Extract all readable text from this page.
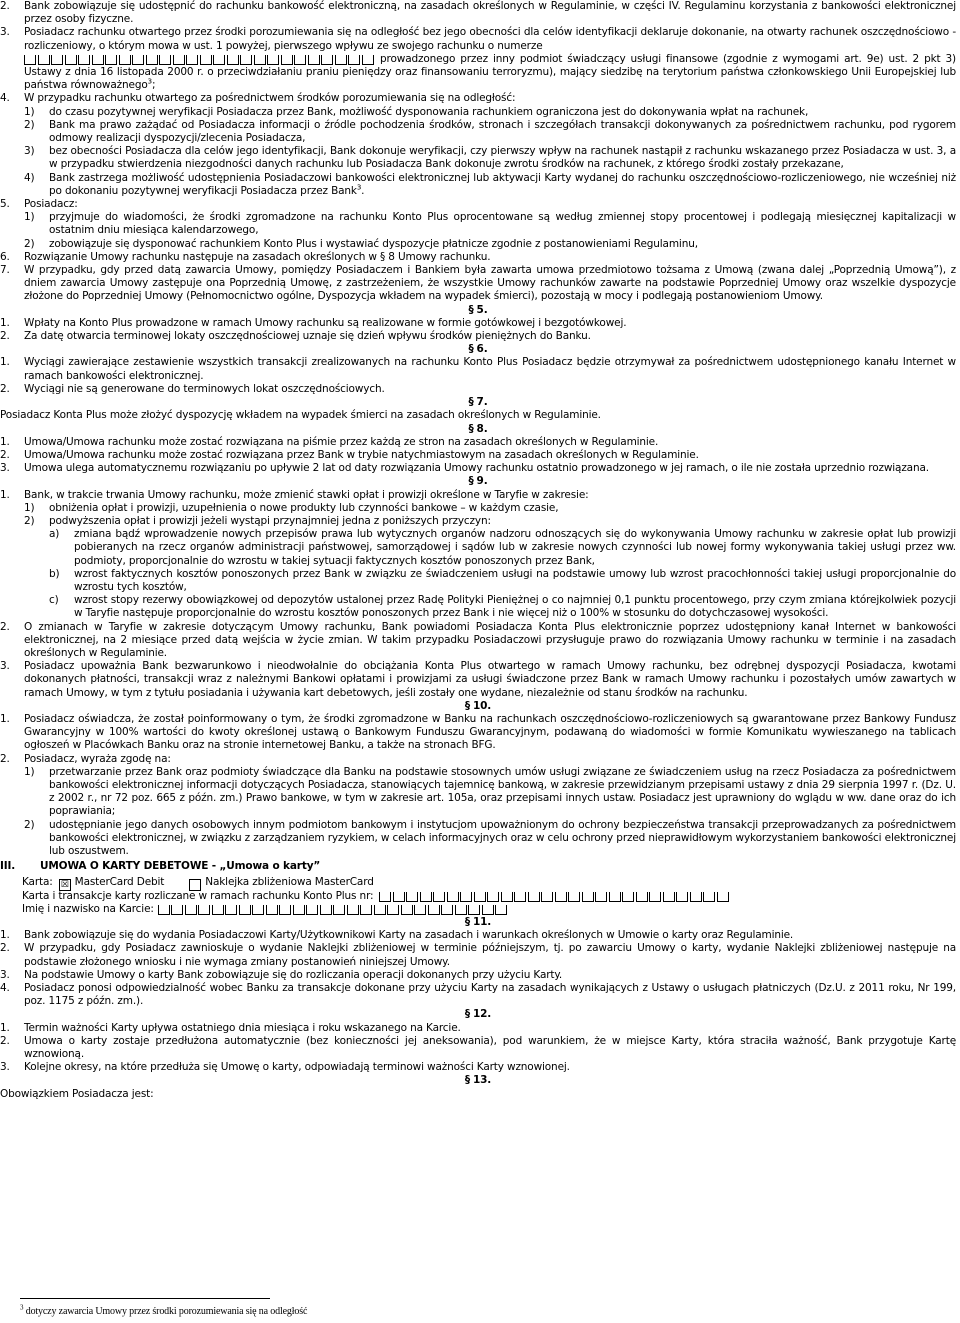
2.	Bank zobowiązuje się udostępnić do rachunku bankowość elektroniczną, na zasadach określonych w Regulaminie, w części IV. Regulaminu korzystania z bankowości elektronicznej przez osoby fizyczne.
3.	Posiadacz rachunku otwartego przez środki porozumiewania się na odległość bez jego obecności dla celów identyfikacji deklaruje dokonanie, na otwarty rachunek oszczędnościowo - rozliczeniowy, o którym mowa w ust. 1 powyżej, pierwszego wpływu ze swojego rachunku o numerze

prowadzonego przez inny podmiot świadczący usługi finansowe (zgodnie z wymogami art. 9e) ust. 2 pkt 3) Ustawy z dnia 16 listopada 2000 r. o przeciwdziałaniu praniu pieniędzy oraz finansowaniu terroryzmu), mający siedzibę na terytorium państwa członkowskiego Unii Europejskiej lub państwa równoważnego$^3$;
4.	W przypadku rachunku otwartego za pośrednictwem środków porozumiewania się na odległość:
1)	do czasu pozytywnej weryfikacji Posiadacza przez Bank, możliwość dysponowania rachunkiem ograniczona jest do dokonywania wpłat na rachunek,
2)	Bank ma prawo zażądać od Posiadacza informacji o źródle pochodzenia środków, stronach i szczegółach transakcji dokonywanych za pośrednictwem rachunku, pod rygorem odmowy realizacji dyspozycji/zlecenia Posiadacza,
3)	bez obecności Posiadacza dla celów jego identyfikacji, Bank dokonuje weryfikacji, czy pierwszy wpływ na rachunek nastąpił z rachunku wskazanego przez Posiadacza w ust. 3, a w przypadku stwierdzenia niezgodności danych rachunku lub Posiadacza Bank dokonuje zwrotu środków na rachunek, z którego środki zostały przekazane,
4)	Bank zastrzega możliwość udostępnienia Posiadaczowi bankowości elektronicznej lub aktywacji Karty wydanej do rachunku oszczędnościowo-rozliczeniowego, nie wcześniej niż po dokonaniu pozytywnej weryfikacji Posiadacza przez Bank$^3$.
5.	Posiadacz:
1)	przyjmuje do wiadomości, że środki zgromadzone na rachunku Konto Plus oprocentowane są według zmiennej stopy procentowej i podlegają miesięcznej kapitalizacji w ostatnim dniu miesiąca kalendarzowego,
2)	zobowiązuje się dysponować rachunkiem Konto Plus i wystawiać dyspozycje płatnicze zgodnie z postanowieniami Regulaminu,
6.	Rozwiązanie Umowy rachunku następuje na zasadach określonych w § 8 Umowy rachunku.
7.	W przypadku, gdy przed datą zawarcia Umowy, pomiędzy Posiadaczem i Bankiem była zawarta umowa przedmiotowo tożsama z Umową (zwana dalej „Poprzednią Umową”), z dniem zawarcia Umowy zastępuje ona Poprzednią Umowę, z zastrzeżeniem, że wszystkie Umowy rachunków zawarte na podstawie Poprzedniej Umowy oraz wszelkie dyspozycje złożone do Poprzedniej Umowy (Pełnomocnictwo ogólne, Dyspozycja wkładem na wypadek śmierci), pozostają w mocy i podlegają postanowieniom Umowy.
§ 5.
1.	Wpłaty na Konto Plus prowadzone w ramach Umowy rachunku są realizowane w formie gotówkowej i bezgotówkowej.
2.	Za datę otwarcia terminowej lokaty oszczędnościowej uznaje się dzień wpływu środków pieniężnych do Banku.
§ 6.
1.	Wyciągi zawierające zestawienie wszystkich transakcji zrealizowanych na rachunku Konto Plus Posiadacz będzie otrzymywał za pośrednictwem udostępnionego kanału Internet w ramach bankowości elektronicznej.
2.	Wyciągi nie są generowane do terminowych lokat oszczędnościowych.
§ 7.

Posiadacz Konta Plus może złożyć dyspozycję wkładem na wypadek śmierci na zasadach określonych w Regulaminie.

§ 8.
1.	Umowa/Umowa rachunku może zostać rozwiązana na piśmie przez każdą ze stron na zasadach określonych w Regulaminie.
2.	Umowa/Umowa rachunku może zostać rozwiązana przez Bank w trybie natychmiastowym na zasadach określonych w Regulaminie.
3.	Umowa ulega automatycznemu rozwiązaniu po upływie 2 lat od daty rozwiązania Umowy rachunku ostatnio prowadzonego w jej ramach, o ile nie została uprzednio rozwiązana.
§ 9.
1.	Bank, w trakcie trwania Umowy rachunku, może zmienić stawki opłat i prowizji określone w Taryfie w zakresie:
1)	obniżenia opłat i prowizji, uzupełnienia o nowe produkty lub czynności bankowe – w każdym czasie,
2)	podwyższenia opłat i prowizji jeżeli wystąpi przynajmniej jedna z poniższych przyczyn:
a)	zmiana bądź wprowadzenie nowych przepisów prawa lub wytycznych organów nadzoru odnoszących się do wykonywania Umowy rachunku w zakresie opłat lub prowizji pobieranych na rzecz organów administracji państwowej, samorządowej i sądów lub w zakresie nowych czynności lub nowej formy wykonywania takiej usługi przez ww. podmioty, proporcjonalnie do wzrostu w takiej sytuacji faktycznych kosztów ponoszonych przez Bank,
b)	wzrost faktycznych kosztów ponoszonych przez Bank w związku ze świadczeniem usługi na podstawie umowy lub wzrost pracochłonności takiej usługi proporcjonalnie do wzrostu tych kosztów,
c)	wzrost stopy rezerwy obowiązkowej od depozytów ustalonej przez Radę Polityki Pieniężnej o co najmniej 0,1 punktu procentowego, przy czym zmiana którejkolwiek pozycji w Taryfie następuje proporcjonalnie do wzrostu kosztów ponoszonych przez Bank i nie więcej niż o 100% w stosunku do dotychczasowej wysokości.
2.	O zmianach w Taryfie w zakresie dotyczącym Umowy rachunku, Bank powiadomi Posiadacza Konta Plus elektronicznie poprzez udostępniony kanał Internet w bankowości elektronicznej, na 2 miesiące przed datą wejścia w życie zmian. W takim przypadku Posiadaczowi przysługuje prawo do rozwiązania Umowy rachunku w terminie i na zasadach określonych w Regulaminie.
3.	Posiadacz upoważnia Bank bezwarunkowo i nieodwołalnie do obciążania Konta Plus otwartego w ramach Umowy rachunku, bez odrębnej dyspozycji Posiadacza, kwotami dokonanych płatności, transakcji wraz z należnymi Bankowi opłatami i prowizjami za usługi świadczone przez Bank w ramach Umowy rachunku i pozostałych umów zawartych w ramach Umowy, w tym z tytułu posiadania i używania kart debetowych, jeśli zostały one wydane, niezależnie od stanu środków na rachunku.
§ 10.
1.	Posiadacz oświadcza, że został poinformowany o tym, że środki zgromadzone w Banku na rachunkach oszczędnościowo-rozliczeniowych są gwarantowane przez Bankowy Fundusz Gwarancyjny w 100% wartości do kwoty określonej ustawą o Bankowym Funduszu Gwarancyjnym, podawaną do wiadomości w formie Komunikatu wywieszanego na tablicach ogłoszeń w Placówkach Banku oraz na stronie internetowej Banku, a także na stronach BFG.
2.	Posiadacz, wyraża zgodę na:
1)	przetwarzanie przez Bank oraz podmioty świadczące dla Banku na podstawie stosownych umów usługi związane ze świadczeniem usług na rzecz Posiadacza za pośrednictwem bankowości elektronicznej informacji dotyczących Posiadacza, stanowiących tajemnicę bankową, w zakresie przewidzianym przepisami ustawy z dnia 29 sierpnia 1997 r. (Dz. U. z 2002 r., nr 72 poz. 665 z późn. zm.) Prawo bankowe, w tym w zakresie art. 105a, oraz przepisami innych ustaw. Posiadacz jest uprawniony do wglądu w ww. dane oraz do ich poprawiania;
2)	udostępnianie jego danych osobowych innym podmiotom bankowym i instytucjom upoważnionym do ochrony bezpieczeństwa transakcji przeprowadzanych za pośrednictwem bankowości elektronicznej, w związku z zarządzaniem ryzykiem, w celach informacyjnych oraz w celu ochrony przed nieprawidłowym wykorzystaniem bankowości elektronicznej lub oszustwem.
III.	UMOWA O KARTY DEBETOWE - „Umowa o karty”
Karta: ☒ MasterCard Debit	Naklejka zbliżeniowa MasterCard
Karta i transakcje karty rozliczane w ramach rachunku Konto Plus nr:
Imię i nazwisko na Karcie:
§ 11.
1.	Bank zobowiązuje się do wydania Posiadaczowi Karty/Użytkownikowi Karty na zasadach i warunkach określonych w Umowie o karty oraz Regulaminie.
2.	W przypadku, gdy Posiadacz zawnioskuje o wydanie Naklejki zbliżeniowej w terminie późniejszym, tj. po zawarciu Umowy o karty, wydanie Naklejki zbliżeniowej następuje na podstawie złożonego wniosku i nie wymaga zmiany postanowień niniejszej Umowy.
3.	Na podstawie Umowy o karty Bank zobowiązuje się do rozliczania operacji dokonanych przy użyciu Karty.
4.	Posiadacz ponosi odpowiedzialność wobec Banku za transakcje dokonane przy użyciu Karty na zasadach wynikających z Ustawy o usługach płatniczych (Dz.U. z 2011 roku, Nr 199, poz. 1175 z późn. zm.).
§ 12.
1.	Termin ważności Karty upływa ostatniego dnia miesiąca i roku wskazanego na Karcie.
2.	Umowa o karty zostaje przedłużona automatycznie (bez konieczności jej aneksowania), pod warunkiem, że w miejsce Karty, która straciła ważność, Bank przygotuje Kartę wznowioną.
3.	Kolejne okresy, na które przedłuża się Umowę o karty, odpowiadają terminowi ważności Karty wznowionej.
§ 13.

Obowiązkiem Posiadacza jest:

$^3$ dotyczy zawarcia Umowy przez środki porozumiewania się na odległość
